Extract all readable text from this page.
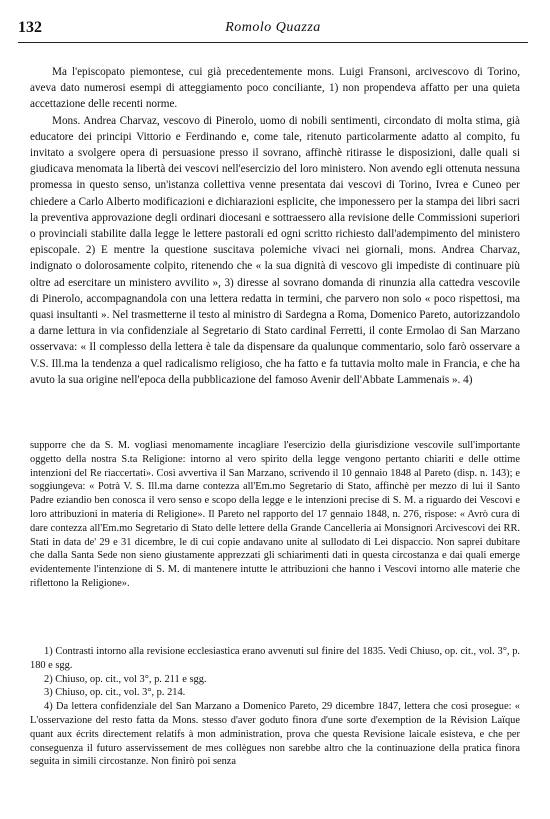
132	Romolo Quazza

Ma l'episcopato piemontese, cui già precedentemente mons. Luigi Fransoni, arcivescovo di Torino, aveva dato numerosi esempi di atteggiamento poco conciliante, 1) non propendeva affatto per una quieta accettazione delle recenti norme.

Mons. Andrea Charvaz, vescovo di Pinerolo, uomo di nobili sentimenti, circondato di molta stima, già educatore dei principi Vittorio e Ferdinando e, come tale, ritenuto particolarmente adatto al compito, fu invitato a svolgere opera di persuasione presso il sovrano, affinchè ritirasse le disposizioni, dalle quali si giudicava menomata la libertà dei vescovi nell'esercizio del loro ministero. Non avendo egli ottenuta nessuna promessa in questo senso, un'istanza collettiva venne presentata dai vescovi di Torino, Ivrea e Cuneo per chiedere a Carlo Alberto modificazioni e dichiarazioni esplicite, che imponessero per la stampa dei libri sacri la preventiva approvazione degli ordinari diocesani e sottraessero alla revisione delle Commissioni superiori o provinciali stabilite dalla legge le lettere pastorali ed ogni scritto richiesto dall'adempimento del ministero episcopale. 2) E mentre la questione suscitava polemiche vivaci nei giornali, mons. Andrea Charvaz, indignato o dolorosamente colpito, ritenendo che « la sua dignità di vescovo gli impediste di continuare più oltre ad esercitare un ministero avvilito », 3) diresse al sovrano domanda di rinunzia alla cattedra vescovile di Pinerolo, accompagnandola con una lettera redatta in termini, che parvero non solo « poco rispettosi, ma quasi insultanti ». Nel trasmetterne il testo al ministro di Sardegna a Roma, Domenico Pareto, autorizzandolo a darne lettura in via confidenziale al Segretario di Stato cardinal Ferretti, il conte Ermolao di San Marzano osservava: « Il complesso della lettera è tale da dispensare da qualunque commentario, solo farò osservare a V.S. Ill.ma la tendenza a quel radicalismo religioso, che ha fatto e fa tuttavia molto male in Francia, e che ha avuto la sua origine nell'epoca della pubblicazione del famoso Avenir dell'Abbate Lammenais ». 4)

supporre che da S. M. vogliasi menomamente incagliare l'esercizio della giurisdizione vescovile sull'importante oggetto della nostra S.ta Religione: intorno al vero spirito della legge vengono pertanto chiariti e delle ottime intenzioni del Re riaccertati». Così avvertiva il San Marzano, scrivendo il 10 gennaio 1848 al Pareto (disp. n. 143); e soggiungeva: « Potrà V. S. Ill.ma darne contezza all'Em.mo Segretario di Stato, affinchè per mezzo di lui il Santo Padre eziandio ben conosca il vero senso e scopo della legge e le intenzioni precise di S. M. a riguardo dei Vescovi e loro attribuzioni in materia di Religione». Il Pareto nel rapporto del 17 gennaio 1848, n. 276, rispose: « Avrò cura di dare contezza all'Em.mo Segretario di Stato delle lettere della Grande Cancelleria ai Monsignori Arcivescovi dei RR. Stati in data de' 29 e 31 dicembre, le di cui copie andavano unite al sullodato di Lei dispaccio. Non saprei dubitare che dalla Santa Sede non sieno giustamente apprezzati gli schiarimenti dati in questa circostanza e dai quali emerge evidentemente l'intenzione di S. M. di mantenere intutte le attribuzioni che hanno i Vescovi intorno alle materie che riflettono la Religione».

1) Contrasti intorno alla revisione ecclesiastica erano avvenuti sul finire del 1835. Vedi Chiuso, op. cit., vol. 3°, p. 180 e sgg.

2) Chiuso, op. cit., vol 3°, p. 211 e sgg.

3) Chiuso, op. cit., vol. 3°, p. 214.

4) Da lettera confidenziale del San Marzano a Domenico Pareto, 29 dicembre 1847, lettera che così prosegue: « L'osservazione del resto fatta da Mons. stesso d'aver goduto finora d'une sorte d'exemption de la Révision Laïque quant aux écrits directement relatifs à mon administration, prova che questa Revisione laicale esisteva, e che per conseguenza il futuro asservissement de mes collègues non sarebbe altro che la continuazione della pratica finora seguita in simili circostanze. Non finirò poi senza
